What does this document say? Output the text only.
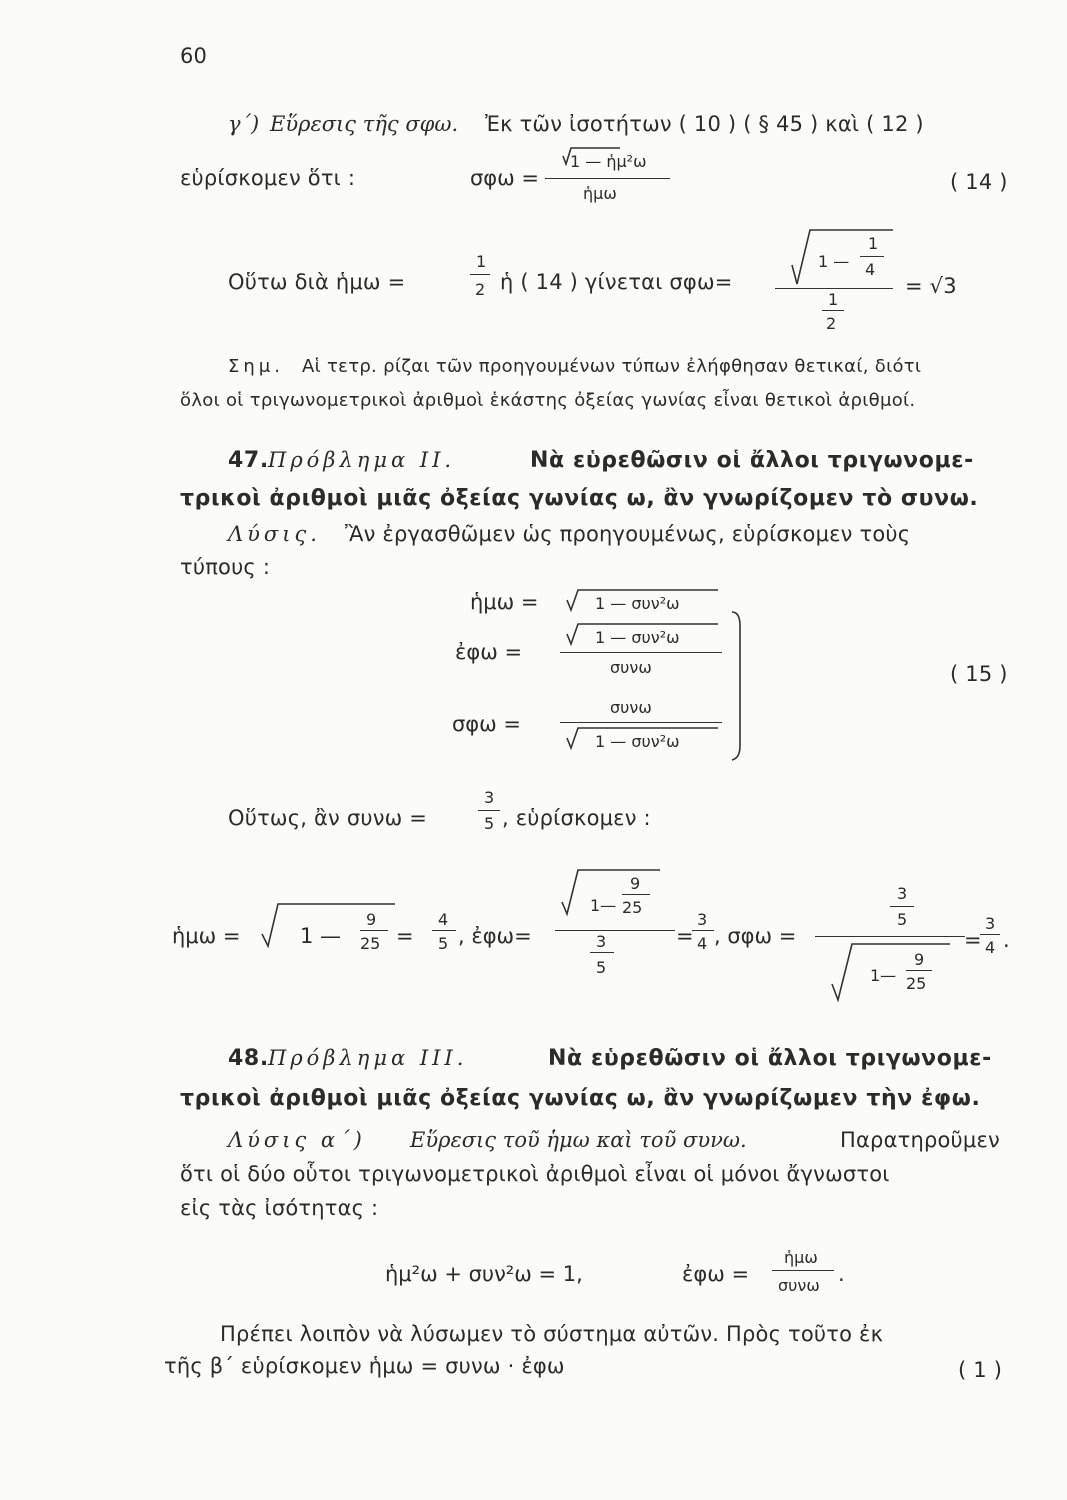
60
γ΄) Εὕρεσις τῆς σφω. Ἐκ τῶν ἰσοτήτων ( 10 ) ( § 45 ) καὶ ( 12 )
εὑρίσκομεν ὅτι :	σφω =
1 — ἡμ²ω
ἡμω	( 14 )
Οὕτω διὰ ἡμω =
1
2 ἡ ( 14 ) γίνεται σφω=
1 —
1
4
1
2
= √3
Σημ. Αἱ τετρ. ρίζαι τῶν προηγουμένων τύπων ἐλήφθησαν θετικαί, διότι
ὅλοι οἱ τριγωνομετρικοὶ ἀριθμοὶ ἑκάστης ὀξείας γωνίας εἶναι θετικοὶ ἀριθμοί.
47. Πρόβλημα ΙΙ.	Νὰ εὑρεθῶσιν οἱ ἄλλοι τριγωνομε-
τρικοὶ ἀριθμοὶ μιᾶς ὀξείας γωνίας ω, ἂν γνωρίζομεν τὸ συνω.
Λύσις. Ἂν ἐργασθῶμεν ὡς προηγουμένως, εὑρίσκομεν τοὺς
τύπους :
ἡμω =	1 — συν²ω
ἐφω =
1 — συν²ω
συνω
σφω =
συνω
1 — συν²ω
( 15 )
Οὕτως, ἂν συνω =
3
5 , εὑρίσκομεν :
ἡμω =	1 —
9
25 =
4
5 , ἐφω=
1—
9
25
3
5
=
3
4 , σφω =
3
5
1—
9
25
=
3
4 .
48. Πρόβλημα ΙΙΙ.	Νὰ εὑρεθῶσιν οἱ ἄλλοι τριγωνομε-
τρικοὶ ἀριθμοὶ μιᾶς ὀξείας γωνίας ω, ἂν γνωρίζωμεν τὴν ἐφω.
Λύσις α΄) Εὕρεσις τοῦ ἡμω καὶ τοῦ συνω.	Παρατηροῦμεν
ὅτι οἱ δύο οὗτοι τριγωνομετρικοὶ ἀριθμοὶ εἶναι οἱ μόνοι ἄγνωστοι
εἰς τὰς ἰσότητας :
ἡμ²ω + συν²ω = 1,	ἐφω =
ἡμω
συνω .
Πρέπει λοιπὸν νὰ λύσωμεν τὸ σύστημα αὐτῶν. Πρὸς τοῦτο ἐκ
τῆς β΄ εὑρίσκομεν ἡμω = συνω · ἐφω	( 1 )
